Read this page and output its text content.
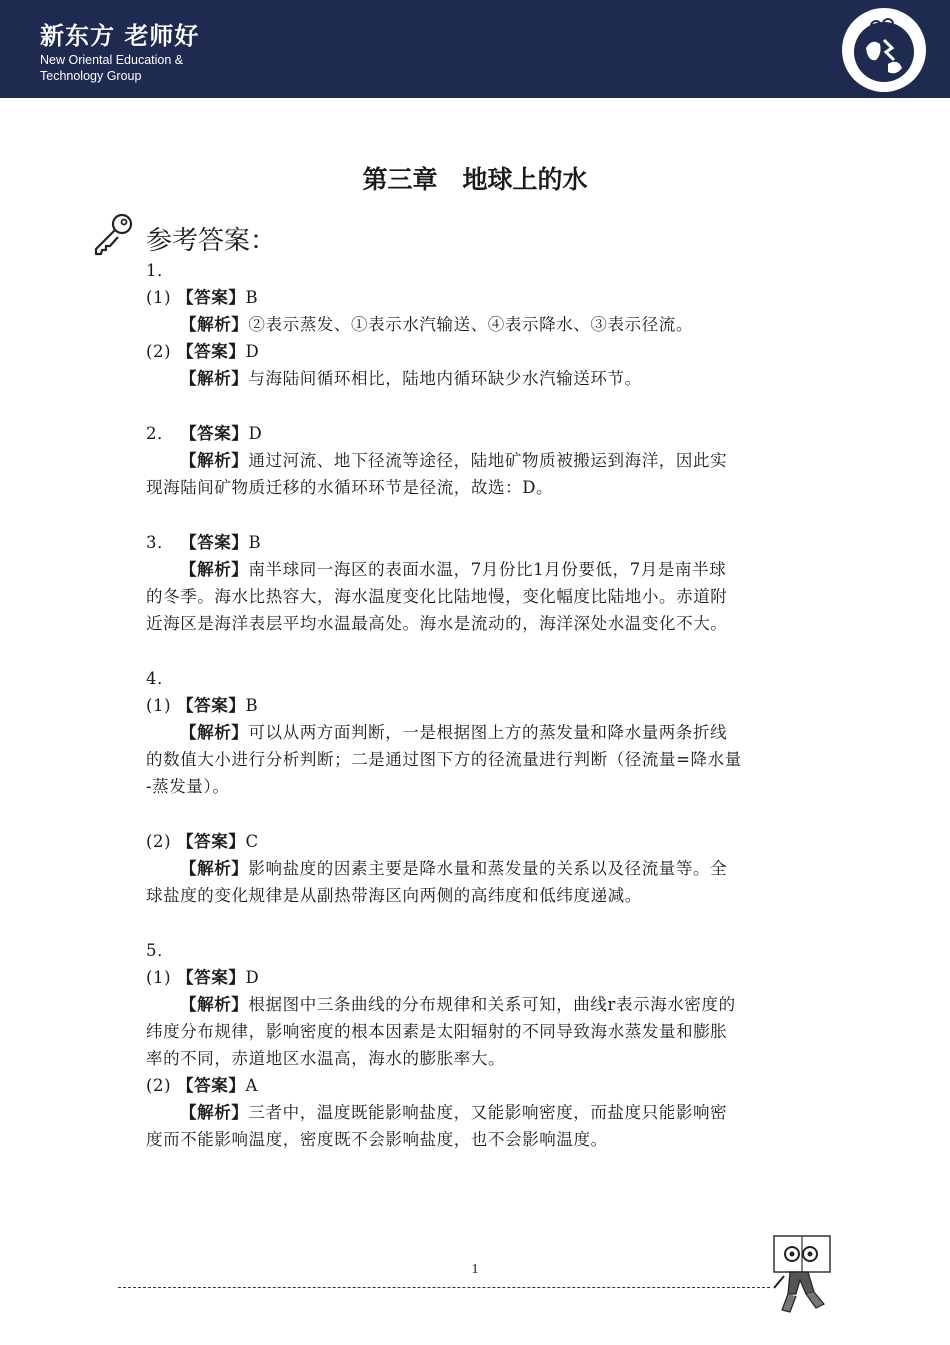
新东方 老师好
New Oriental Education &
Technology Group
第三章　地球上的水
参考答案：
1．
(1) 【答案】B
【解析】②表示蒸发、①表示水汽输送、④表示降水、③表示径流。
(2) 【答案】D
【解析】与海陆间循环相比，陆地内循环缺少水汽输送环节。
2． 【答案】D
【解析】通过河流、地下径流等途径，陆地矿物质被搬运到海洋，因此实
现海陆间矿物质迁移的水循环环节是径流，故选：D。
3． 【答案】B
【解析】南半球同一海区的表面水温，7月份比1月份要低，7月是南半球
的冬季。海水比热容大，海水温度变化比陆地慢，变化幅度比陆地小。赤道附
近海区是海洋表层平均水温最高处。海水是流动的，海洋深处水温变化不大。
4．
(1) 【答案】B
【解析】可以从两方面判断，一是根据图上方的蒸发量和降水量两条折线
的数值大小进行分析判断；二是通过图下方的径流量进行判断（径流量=降水量
-蒸发量）。
(2) 【答案】C
【解析】影响盐度的因素主要是降水量和蒸发量的关系以及径流量等。全
球盐度的变化规律是从副热带海区向两侧的高纬度和低纬度递减。
5．
(1) 【答案】D
【解析】根据图中三条曲线的分布规律和关系可知，曲线r表示海水密度的
纬度分布规律，影响密度的根本因素是太阳辐射的不同导致海水蒸发量和膨胀
率的不同，赤道地区水温高，海水的膨胀率大。
(2) 【答案】A
【解析】三者中，温度既能影响盐度，又能影响密度，而盐度只能影响密
度而不能影响温度，密度既不会影响盐度，也不会影响温度。
1
